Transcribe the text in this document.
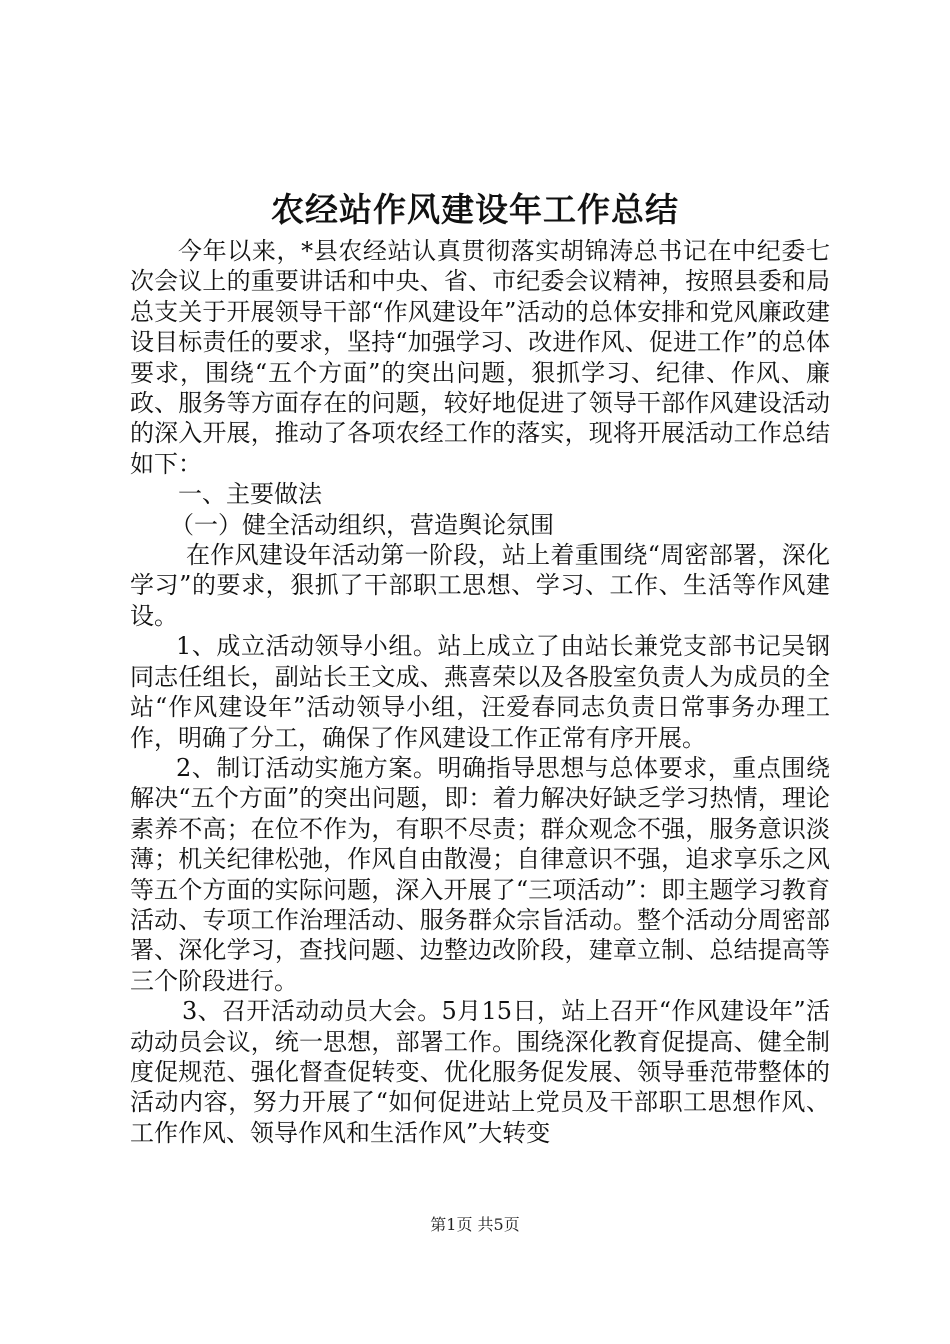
农经站作风建设年工作总结

今年以来，*县农经站认真贯彻落实胡锦涛总书记在中纪委七次会议上的重要讲话和中央、省、市纪委会议精神，按照县委和局总支关于开展领导干部“作风建设年”活动的总体安排和党风廉政建设目标责任的要求，坚持“加强学习、改进作风、促进工作”的总体要求，围绕“五个方面”的突出问题，狠抓学习、纪律、作风、廉政、服务等方面存在的问题，较好地促进了领导干部作风建设活动的深入开展，推动了各项农经工作的落实，现将开展活动工作总结如下：

一、主要做法

（一）健全活动组织，营造舆论氛围

在作风建设年活动第一阶段，站上着重围绕“周密部署，深化学习”的要求，狠抓了干部职工思想、学习、工作、生活等作风建设。

1、成立活动领导小组。站上成立了由站长兼党支部书记吴钢同志任组长，副站长王文成、燕喜荣以及各股室负责人为成员的全站“作风建设年”活动领导小组，汪爱春同志负责日常事务办理工作，明确了分工，确保了作风建设工作正常有序开展。

2、制订活动实施方案。明确指导思想与总体要求，重点围绕解决“五个方面”的突出问题，即：着力解决好缺乏学习热情，理论素养不高；在位不作为，有职不尽责；群众观念不强，服务意识淡薄；机关纪律松弛，作风自由散漫；自律意识不强，追求享乐之风等五个方面的实际问题，深入开展了“三项活动”：即主题学习教育活动、专项工作治理活动、服务群众宗旨活动。整个活动分周密部署、深化学习，查找问题、边整边改阶段，建章立制、总结提高等三个阶段进行。

3、召开活动动员大会。5月15日，站上召开“作风建设年”活动动员会议，统一思想，部署工作。围绕深化教育促提高、健全制度促规范、强化督查促转变、优化服务促发展、领导垂范带整体的活动内容，努力开展了“如何促进站上党员及干部职工思想作风、工作作风、领导作风和生活作风”大转变

第1页 共5页
